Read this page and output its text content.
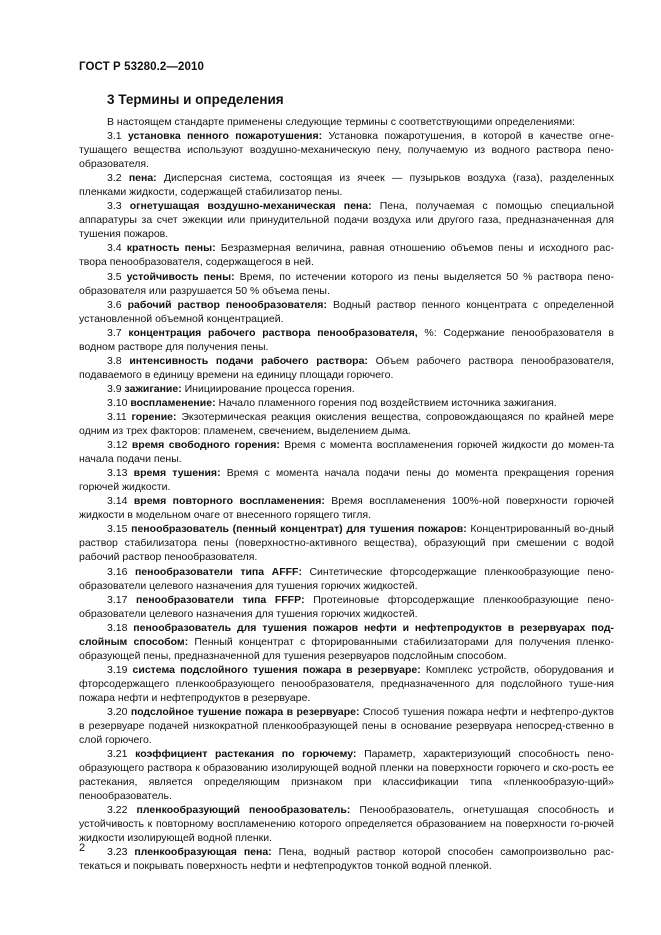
ГОСТ Р 53280.2—2010
3 Термины и определения

В настоящем стандарте применены следующие термины с соответствующими определениями:

3.1 установка пенного пожаротушения: Установка пожаротушения, в которой в качестве огне-тушащего вещества используют воздушно-механическую пену, получаемую из водного раствора пено-образователя.

3.2 пена: Дисперсная система, состоящая из ячеек — пузырьков воздуха (газа), разделенных пленками жидкости, содержащей стабилизатор пены.

3.3 огнетушащая воздушно-механическая пена: Пена, получаемая с помощью специальной аппаратуры за счет эжекции или принудительной подачи воздуха или другого газа, предназначенная для тушения пожаров.

3.4 кратность пены: Безразмерная величина, равная отношению объемов пены и исходного рас-твора пенообразователя, содержащегося в ней.

3.5 устойчивость пены: Время, по истечении которого из пены выделяется 50 % раствора пено-образователя или разрушается 50 % объема пены.

3.6 рабочий раствор пенообразователя: Водный раствор пенного концентрата с определенной установленной объемной концентрацией.

3.7 концентрация рабочего раствора пенообразователя, %: Содержание пенообразователя в водном растворе для получения пены.

3.8 интенсивность подачи рабочего раствора: Объем рабочего раствора пенообразователя, подаваемого в единицу времени на единицу площади горючего.

3.9 зажигание: Инициирование процесса горения.

3.10 воспламенение: Начало пламенного горения под воздействием источника зажигания.

3.11 горение: Экзотермическая реакция окисления вещества, сопровождающаяся по крайней мере одним из трех факторов: пламенем, свечением, выделением дыма.

3.12 время свободного горения: Время с момента воспламенения горючей жидкости до момен-та начала подачи пены.

3.13 время тушения: Время с момента начала подачи пены до момента прекращения горения горючей жидкости.

3.14 время повторного воспламенения: Время воспламенения 100%-ной поверхности горючей жидкости в модельном очаге от внесенного горящего тигля.

3.15 пенообразователь (пенный концентрат) для тушения пожаров: Концентрированный во-дный раствор стабилизатора пены (поверхностно-активного вещества), образующий при смешении с водой рабочий раствор пенообразователя.

3.16 пенообразователи типа AFFF: Синтетические фторсодержащие пленкообразующие пено-образователи целевого назначения для тушения горючих жидкостей.

3.17 пенообразователи типа FFFP: Протеиновые фторсодержащие пленкообразующие пено-образователи целевого назначения для тушения горючих жидкостей.

3.18 пенообразователь для тушения пожаров нефти и нефтепродуктов в резервуарах под-слойным способом: Пенный концентрат с фторированными стабилизаторами для получения пленко-образующей пены, предназначенной для тушения резервуаров подслойным способом.

3.19 система подслойного тушения пожара в резервуаре: Комплекс устройств, оборудования и фторсодержащего пленкообразующего пенообразователя, предназначенного для подслойного туше-ния пожара нефти и нефтепродуктов в резервуаре.

3.20 подслойное тушение пожара в резервуаре: Способ тушения пожара нефти и нефтепро-дуктов в резервуаре подачей низкократной пленкообразующей пены в основание резервуара непосред-ственно в слой горючего.

3.21 коэффициент растекания по горючему: Параметр, характеризующий способность пено-образующего раствора к образованию изолирующей водной пленки на поверхности горючего и ско-рость ее растекания, является определяющим признаком при классификации типа «пленкообразую-щий» пенообразователь.

3.22 пленкообразующий пенообразователь: Пенообразователь, огнетушащая способность и устойчивость к повторному воспламенению которого определяется образованием на поверхности го-рючей жидкости изолирующей водной пленки.

3.23 пленкообразующая пена: Пена, водный раствор которой способен самопроизвольно рас-текаться и покрывать поверхность нефти и нефтепродуктов тонкой водной пленкой.

2
